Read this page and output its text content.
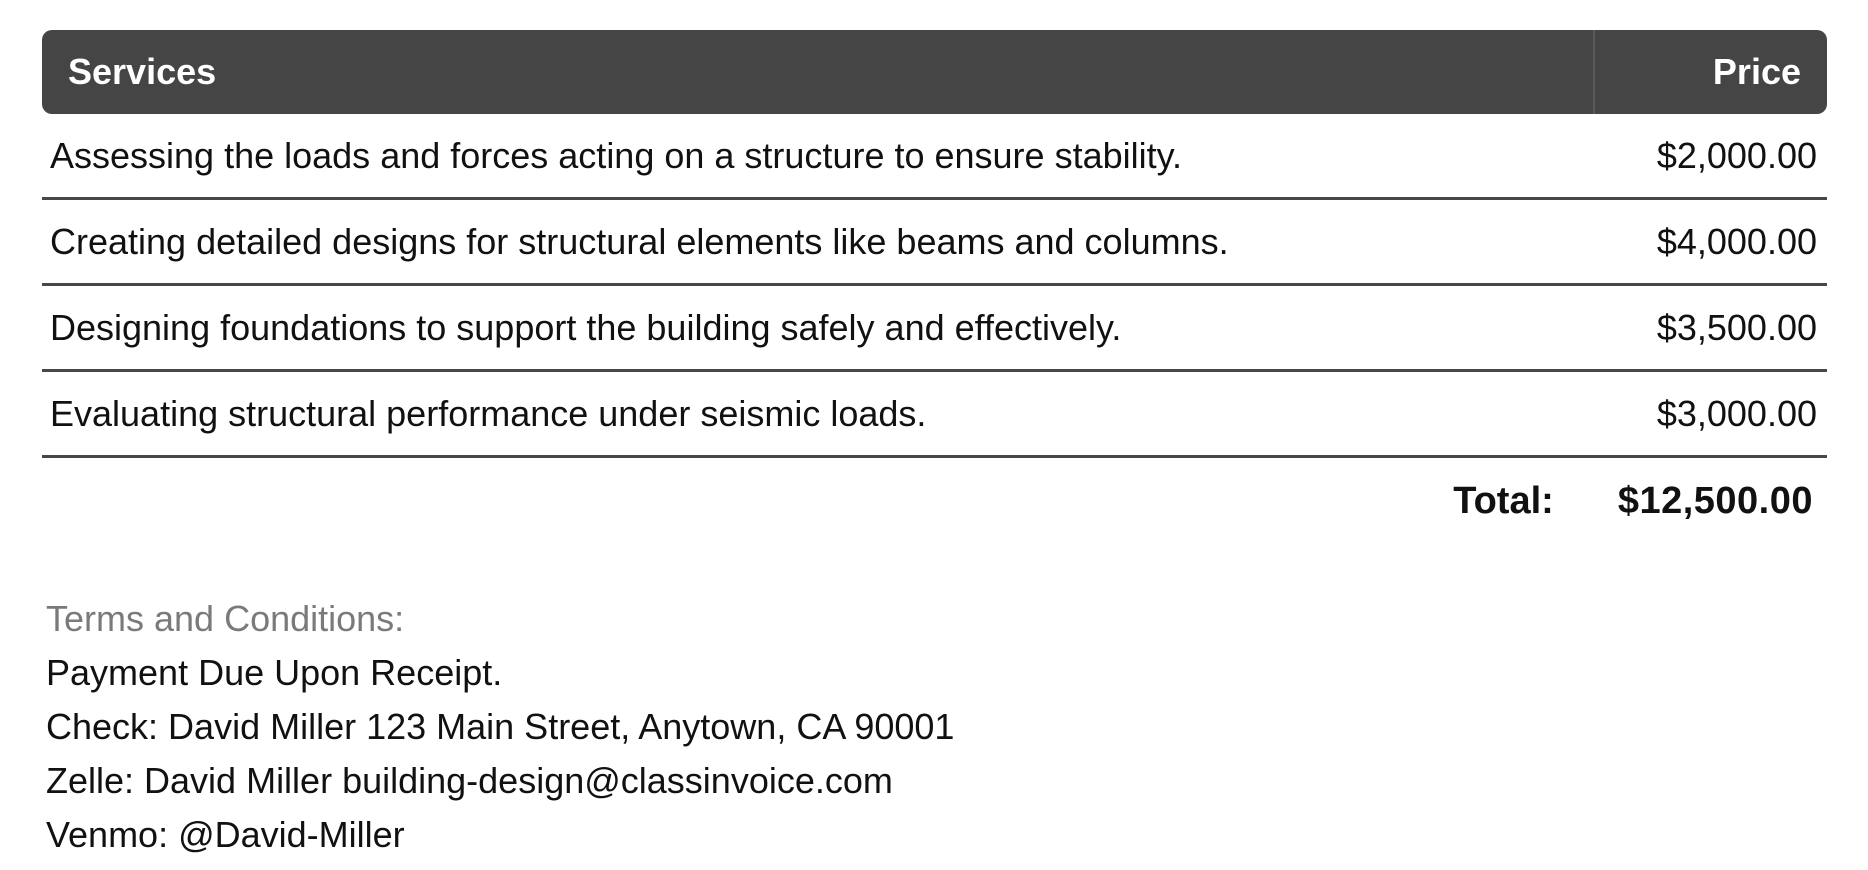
Services	Price
Assessing the loads and forces acting on a structure to ensure stability.	$2,000.00
Creating detailed designs for structural elements like beams and columns.	$4,000.00
Designing foundations to support the building safely and effectively.	$3,500.00
Evaluating structural performance under seismic loads.	$3,000.00
Total: $12,500.00
Terms and Conditions:
Payment Due Upon Receipt.
Check: David Miller 123 Main Street, Anytown, CA 90001
Zelle: David Miller building-design@classinvoice.com
Venmo: @David-Miller
